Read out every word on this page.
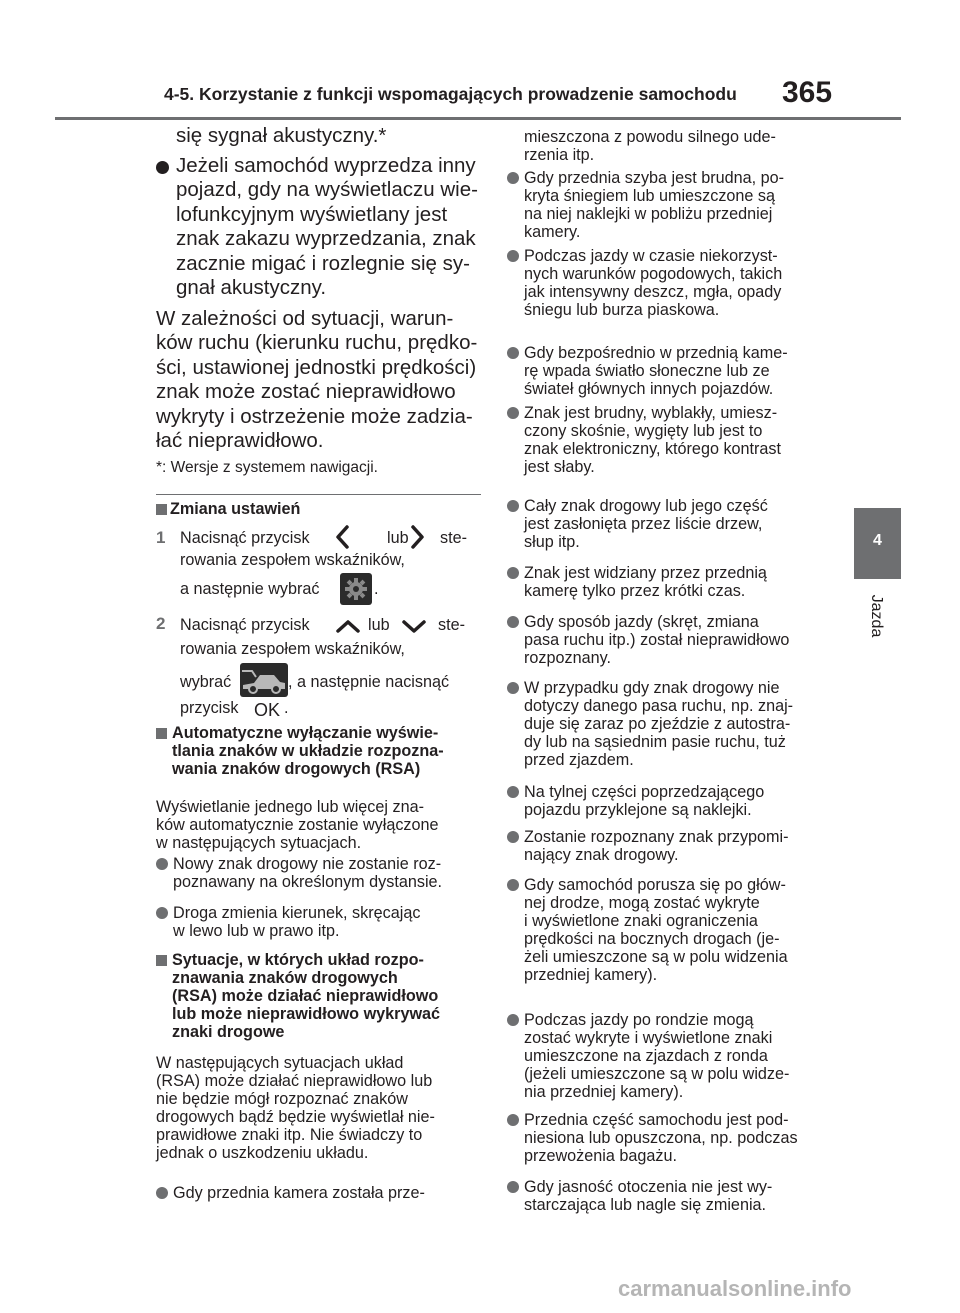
4-5. Korzystanie z funkcji wspomagających prowadzenie samochodu 365
4
Jazda
się sygnał akustyczny.*
Jeżeli samochód wyprzedza inny
pojazd, gdy na wyświetlaczu wie-
lofunkcyjnym wyświetlany jest
znak zakazu wyprzedzania, znak
zacznie migać i rozlegnie się sy-
gnał akustyczny.
W zależności od sytuacji, warun-
ków ruchu (kierunku ruchu, prędko-
ści, ustawionej jednostki prędkości)
znak może zostać nieprawidłowo
wykryty i ostrzeżenie może zadzia-
łać nieprawidłowo.
*: Wersje z systemem nawigacji.
Zmiana ustawień
1 Nacisnąć przycisk	lub ste-
rowania zespołem wskaźników,
a następnie wybrać	.
2 Nacisnąć przycisk	lub	ste-
rowania zespołem wskaźników,
wybrać	, a następnie nacisnąć
przycisk	.
OK
Automatyczne wyłączanie wyświe-
tlania znaków w układzie rozpozna-
wania znaków drogowych (RSA)
Wyświetlanie jednego lub więcej zna-
ków automatycznie zostanie wyłączone
w następujących sytuacjach.
Nowy znak drogowy nie zostanie roz-
poznawany na określonym dystansie.
Droga zmienia kierunek, skręcając
w lewo lub w prawo itp.
Sytuacje, w których układ rozpo-
znawania znaków drogowych
(RSA) może działać nieprawidłowo
lub może nieprawidłowo wykrywać
znaki drogowe
W następujących sytuacjach układ
(RSA) może działać nieprawidłowo lub
nie będzie mógł rozpoznać znaków
drogowych bądź będzie wyświetlał nie-
prawidłowe znaki itp. Nie świadczy to
jednak o uszkodzeniu układu.
Gdy przednia kamera została prze-
mieszczona z powodu silnego ude-
rzenia itp.
Gdy przednia szyba jest brudna, po-
kryta śniegiem lub umieszczone są
na niej naklejki w pobliżu przedniej
kamery.
Podczas jazdy w czasie niekorzyst-
nych warunków pogodowych, takich
jak intensywny deszcz, mgła, opady
śniegu lub burza piaskowa.
Gdy bezpośrednio w przednią kame-
rę wpada światło słoneczne lub ze
świateł głównych innych pojazdów.
Znak jest brudny, wyblakły, umiesz-
czony skośnie, wygięty lub jest to
znak elektroniczny, którego kontrast
jest słaby.
Cały znak drogowy lub jego część
jest zasłonięta przez liście drzew,
słup itp.
Znak jest widziany przez przednią
kamerę tylko przez krótki czas.
Gdy sposób jazdy (skręt, zmiana
pasa ruchu itp.) został nieprawidłowo
rozpoznany.
W przypadku gdy znak drogowy nie
dotyczy danego pasa ruchu, np. znaj-
duje się zaraz po zjeździe z autostra-
dy lub na sąsiednim pasie ruchu, tuż
przed zjazdem.
Na tylnej części poprzedzającego
pojazdu przyklejone są naklejki.
Zostanie rozpoznany znak przypomi-
nający znak drogowy.
Gdy samochód porusza się po głów-
nej drodze, mogą zostać wykryte
i wyświetlone znaki ograniczenia
prędkości na bocznych drogach (je-
żeli umieszczone są w polu widzenia
przedniej kamery).
Podczas jazdy po rondzie mogą
zostać wykryte i wyświetlone znaki
umieszczone na zjazdach z ronda
(jeżeli umieszczone są w polu widze-
nia przedniej kamery).
Przednia część samochodu jest pod-
niesiona lub opuszczona, np. podczas
przewożenia bagażu.
Gdy jasność otoczenia nie jest wy-
starczająca lub nagle się zmienia.
carmanualsonline.info
